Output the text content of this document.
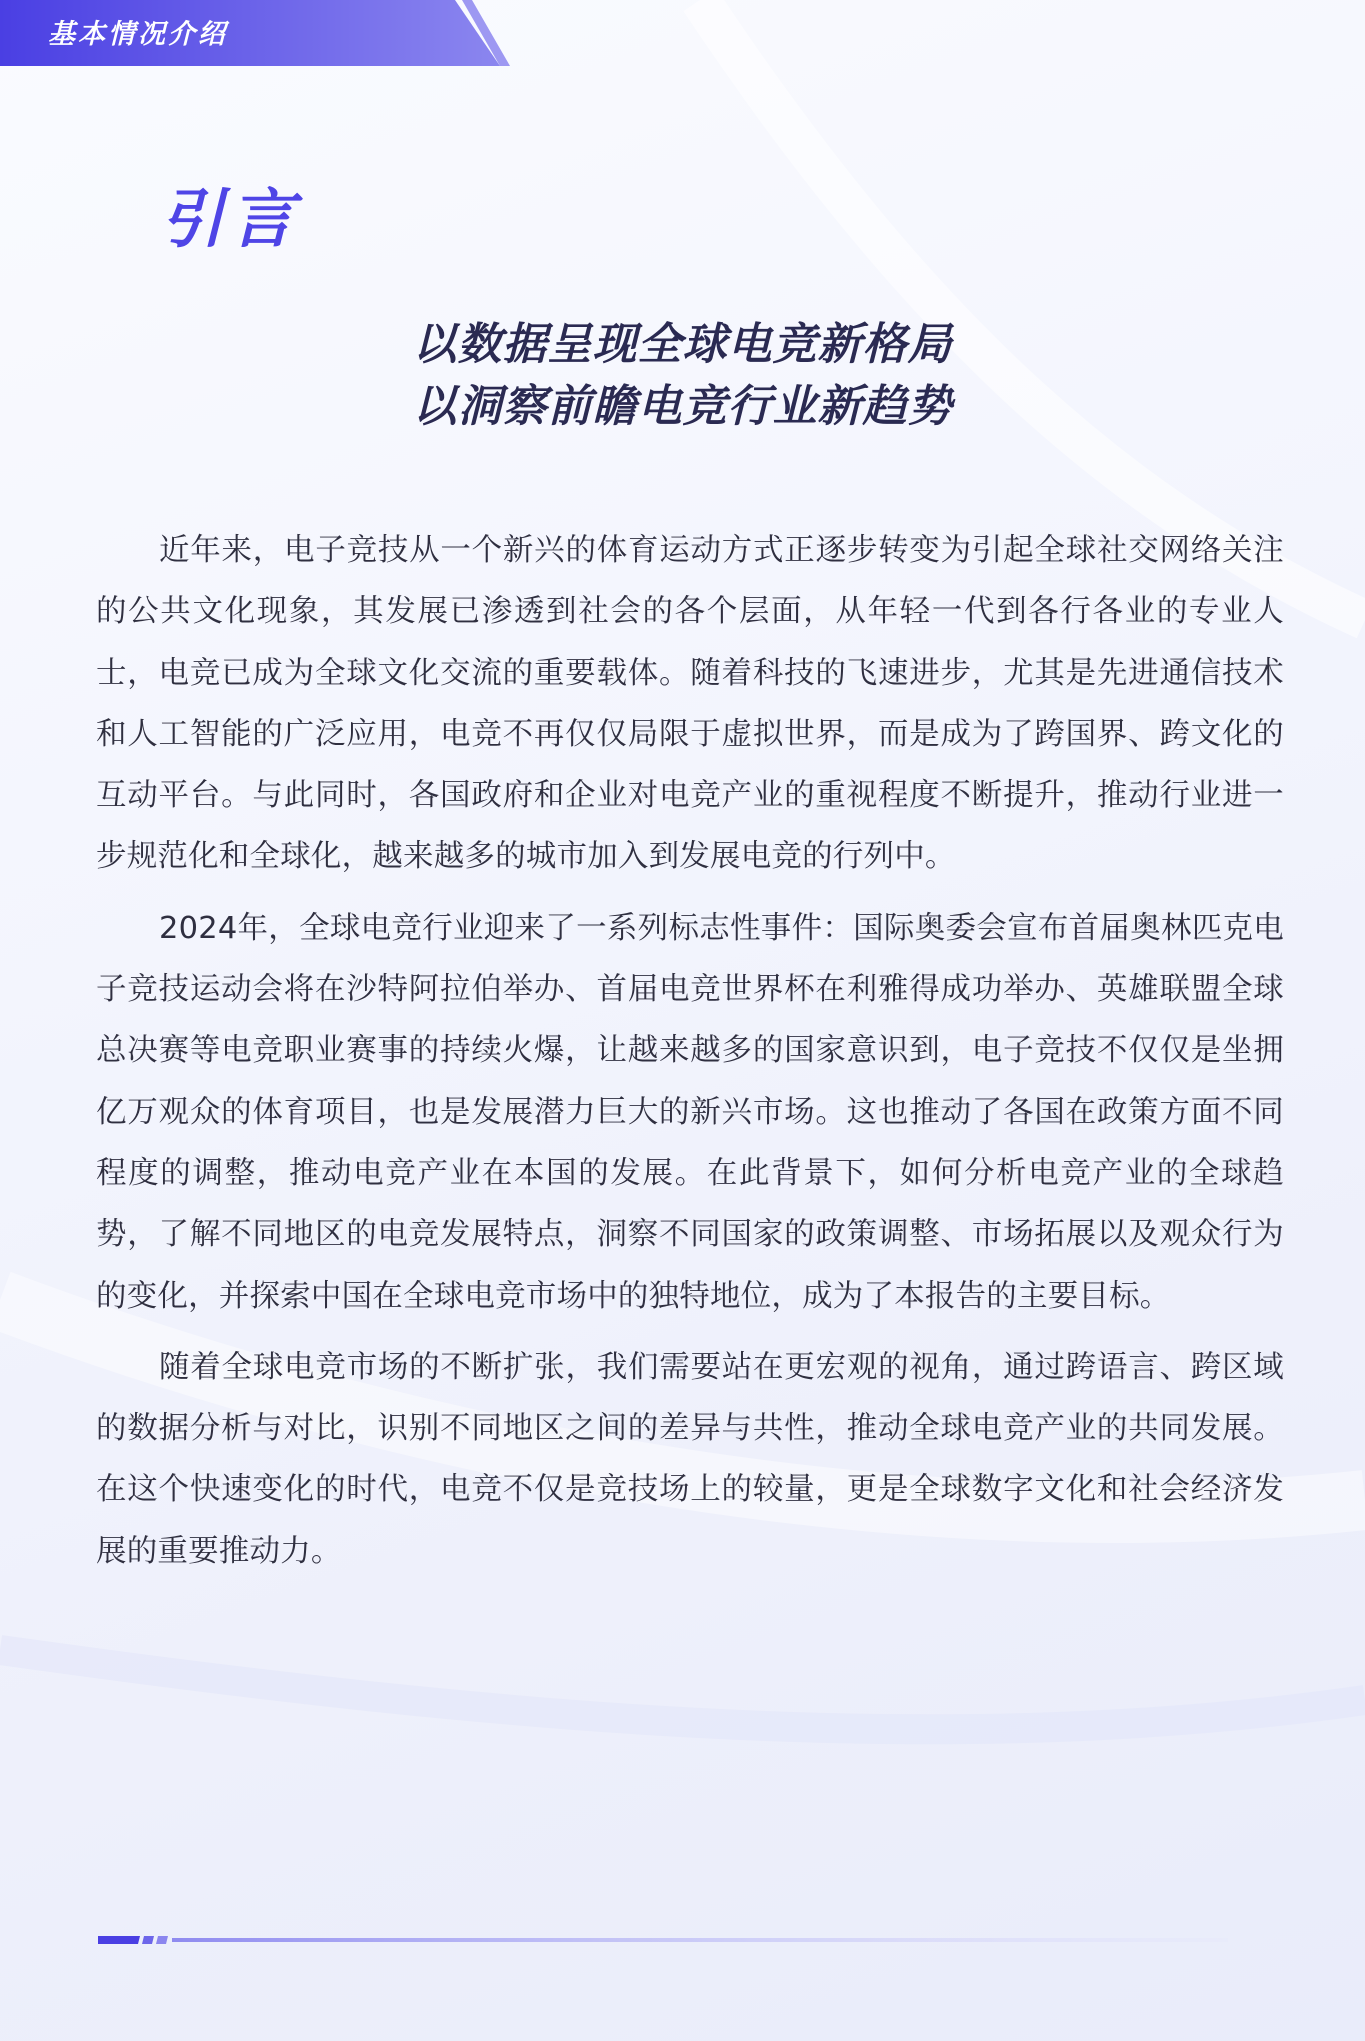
基本情况介绍
引言
以数据呈现全球电竞新格局
以洞察前瞻电竞行业新趋势

近年来，电子竞技从一个新兴的体育运动方式正逐步转变为引起全球社交网络关注的公共文化现象，其发展已渗透到社会的各个层面，从年轻一代到各行各业的专业人士，电竞已成为全球文化交流的重要载体。随着科技的飞速进步，尤其是先进通信技术和人工智能的广泛应用，电竞不再仅仅局限于虚拟世界，而是成为了跨国界、跨文化的互动平台。与此同时，各国政府和企业对电竞产业的重视程度不断提升，推动行业进一步规范化和全球化，越来越多的城市加入到发展电竞的行列中。

2024年，全球电竞行业迎来了一系列标志性事件：国际奥委会宣布首届奥林匹克电子竞技运动会将在沙特阿拉伯举办、首届电竞世界杯在利雅得成功举办、英雄联盟全球总决赛等电竞职业赛事的持续火爆，让越来越多的国家意识到，电子竞技不仅仅是坐拥亿万观众的体育项目，也是发展潜力巨大的新兴市场。这也推动了各国在政策方面不同程度的调整，推动电竞产业在本国的发展。在此背景下，如何分析电竞产业的全球趋势，了解不同地区的电竞发展特点，洞察不同国家的政策调整、市场拓展以及观众行为的变化，并探索中国在全球电竞市场中的独特地位，成为了本报告的主要目标。

随着全球电竞市场的不断扩张，我们需要站在更宏观的视角，通过跨语言、跨区域的数据分析与对比，识别不同地区之间的差异与共性，推动全球电竞产业的共同发展。在这个快速变化的时代，电竞不仅是竞技场上的较量，更是全球数字文化和社会经济发展的重要推动力。
